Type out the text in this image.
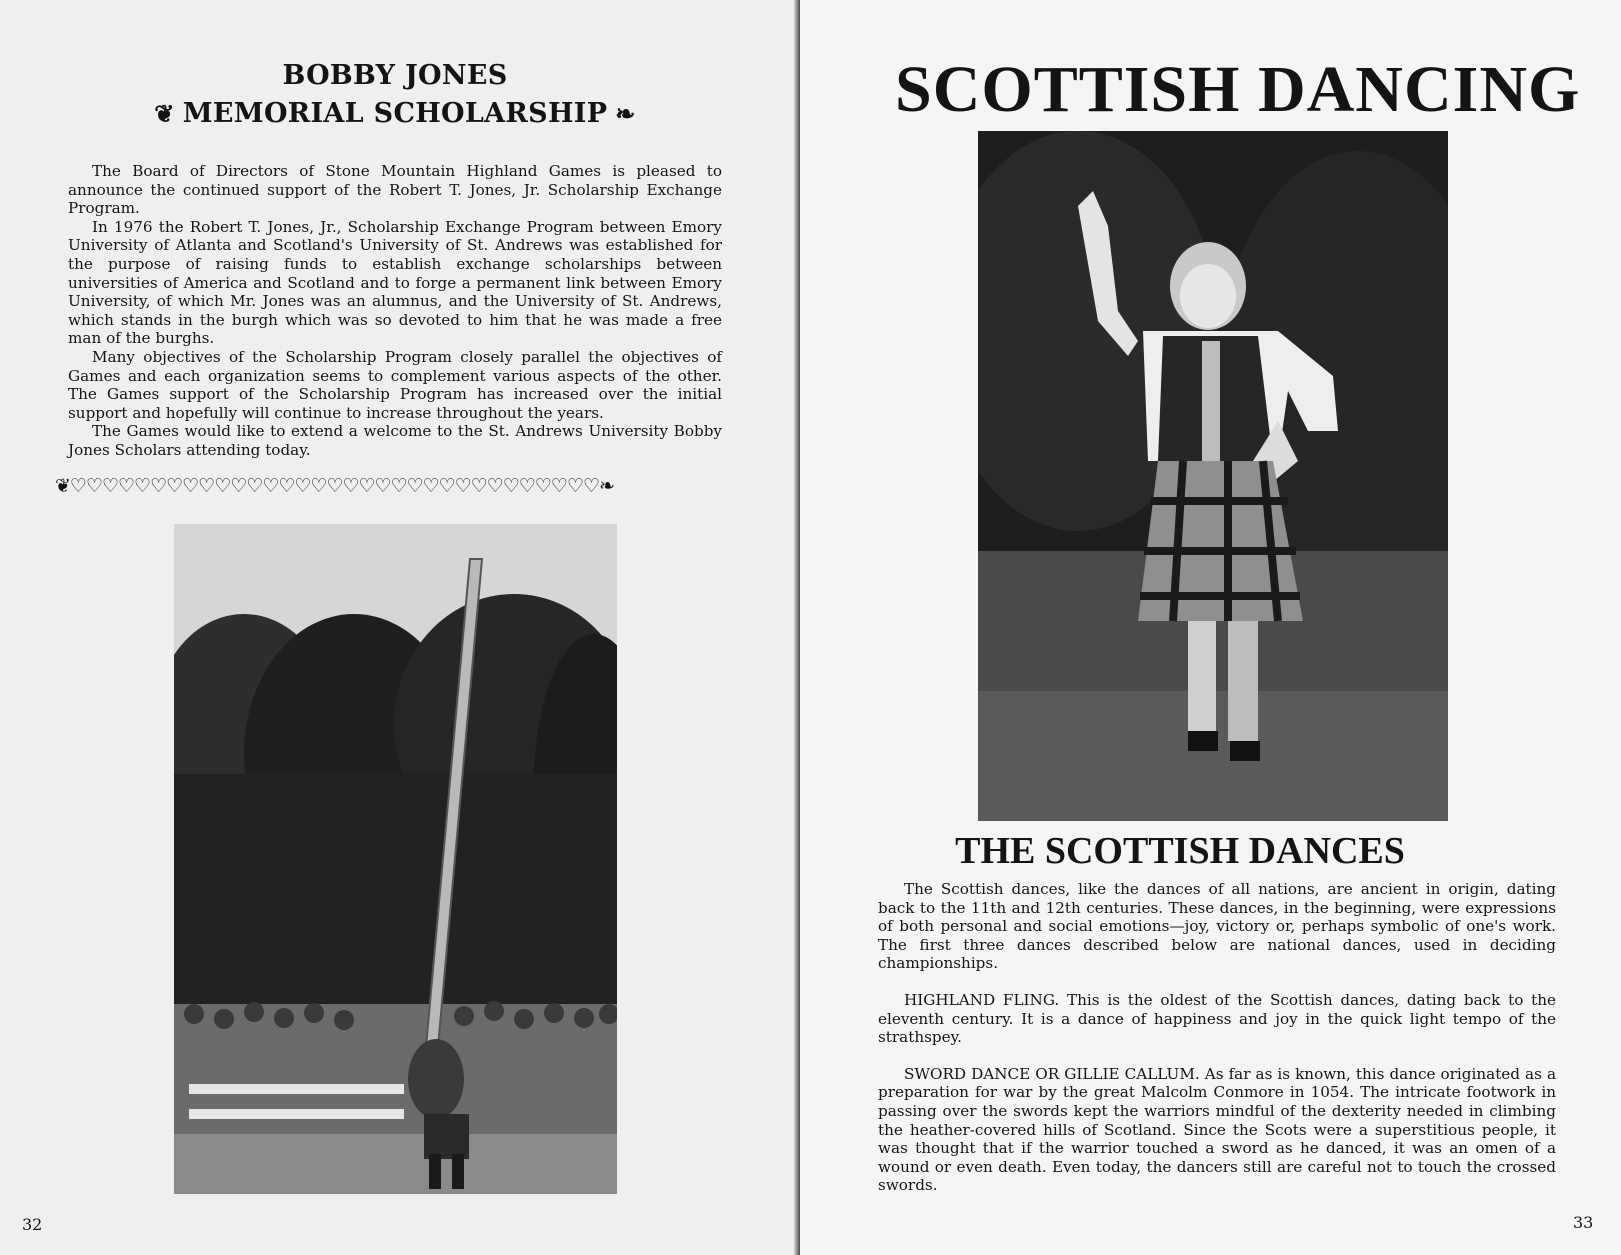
BOBBY JONES
❦ MEMORIAL SCHOLARSHIP ❧

The Board of Directors of Stone Mountain Highland Games is pleased to announce the continued support of the Robert T. Jones, Jr. Scholarship Exchange Program.

In 1976 the Robert T. Jones, Jr., Scholarship Exchange Program between Emory University of Atlanta and Scotland's University of St. Andrews was established for the purpose of raising funds to establish exchange scholarships between universities of America and Scotland and to forge a permanent link between Emory University, of which Mr. Jones was an alumnus, and the University of St. Andrews, which stands in the burgh which was so devoted to him that he was made a free man of the burghs.

Many objectives of the Scholarship Program closely parallel the objectives of Games and each organization seems to complement various aspects of the other. The Games support of the Scholarship Program has increased over the initial support and hopefully will continue to increase throughout the years.

The Games would like to extend a welcome to the St. Andrews University Bobby Jones Scholars attending today.

❦♡♡♡♡♡♡♡♡♡♡♡♡♡♡♡♡♡♡♡♡♡♡♡♡♡♡♡♡♡♡♡♡♡❧
32
SCOTTISH DANCING
THE SCOTTISH DANCES

The Scottish dances, like the dances of all nations, are ancient in origin, dating back to the 11th and 12th centuries. These dances, in the beginning, were expressions of both personal and social emotions—joy, victory or, perhaps symbolic of one's work. The first three dances described below are national dances, used in deciding championships.

HIGHLAND FLING. This is the oldest of the Scottish dances, dating back to the eleventh century. It is a dance of happiness and joy in the quick light tempo of the strathspey.

SWORD DANCE OR GILLIE CALLUM. As far as is known, this dance originated as a preparation for war by the great Malcolm Conmore in 1054. The intricate footwork in passing over the swords kept the warriors mindful of the dexterity needed in climbing the heather-covered hills of Scotland. Since the Scots were a superstitious people, it was thought that if the warrior touched a sword as he danced, it was an omen of a wound or even death. Even today, the dancers still are careful not to touch the crossed swords.

33
